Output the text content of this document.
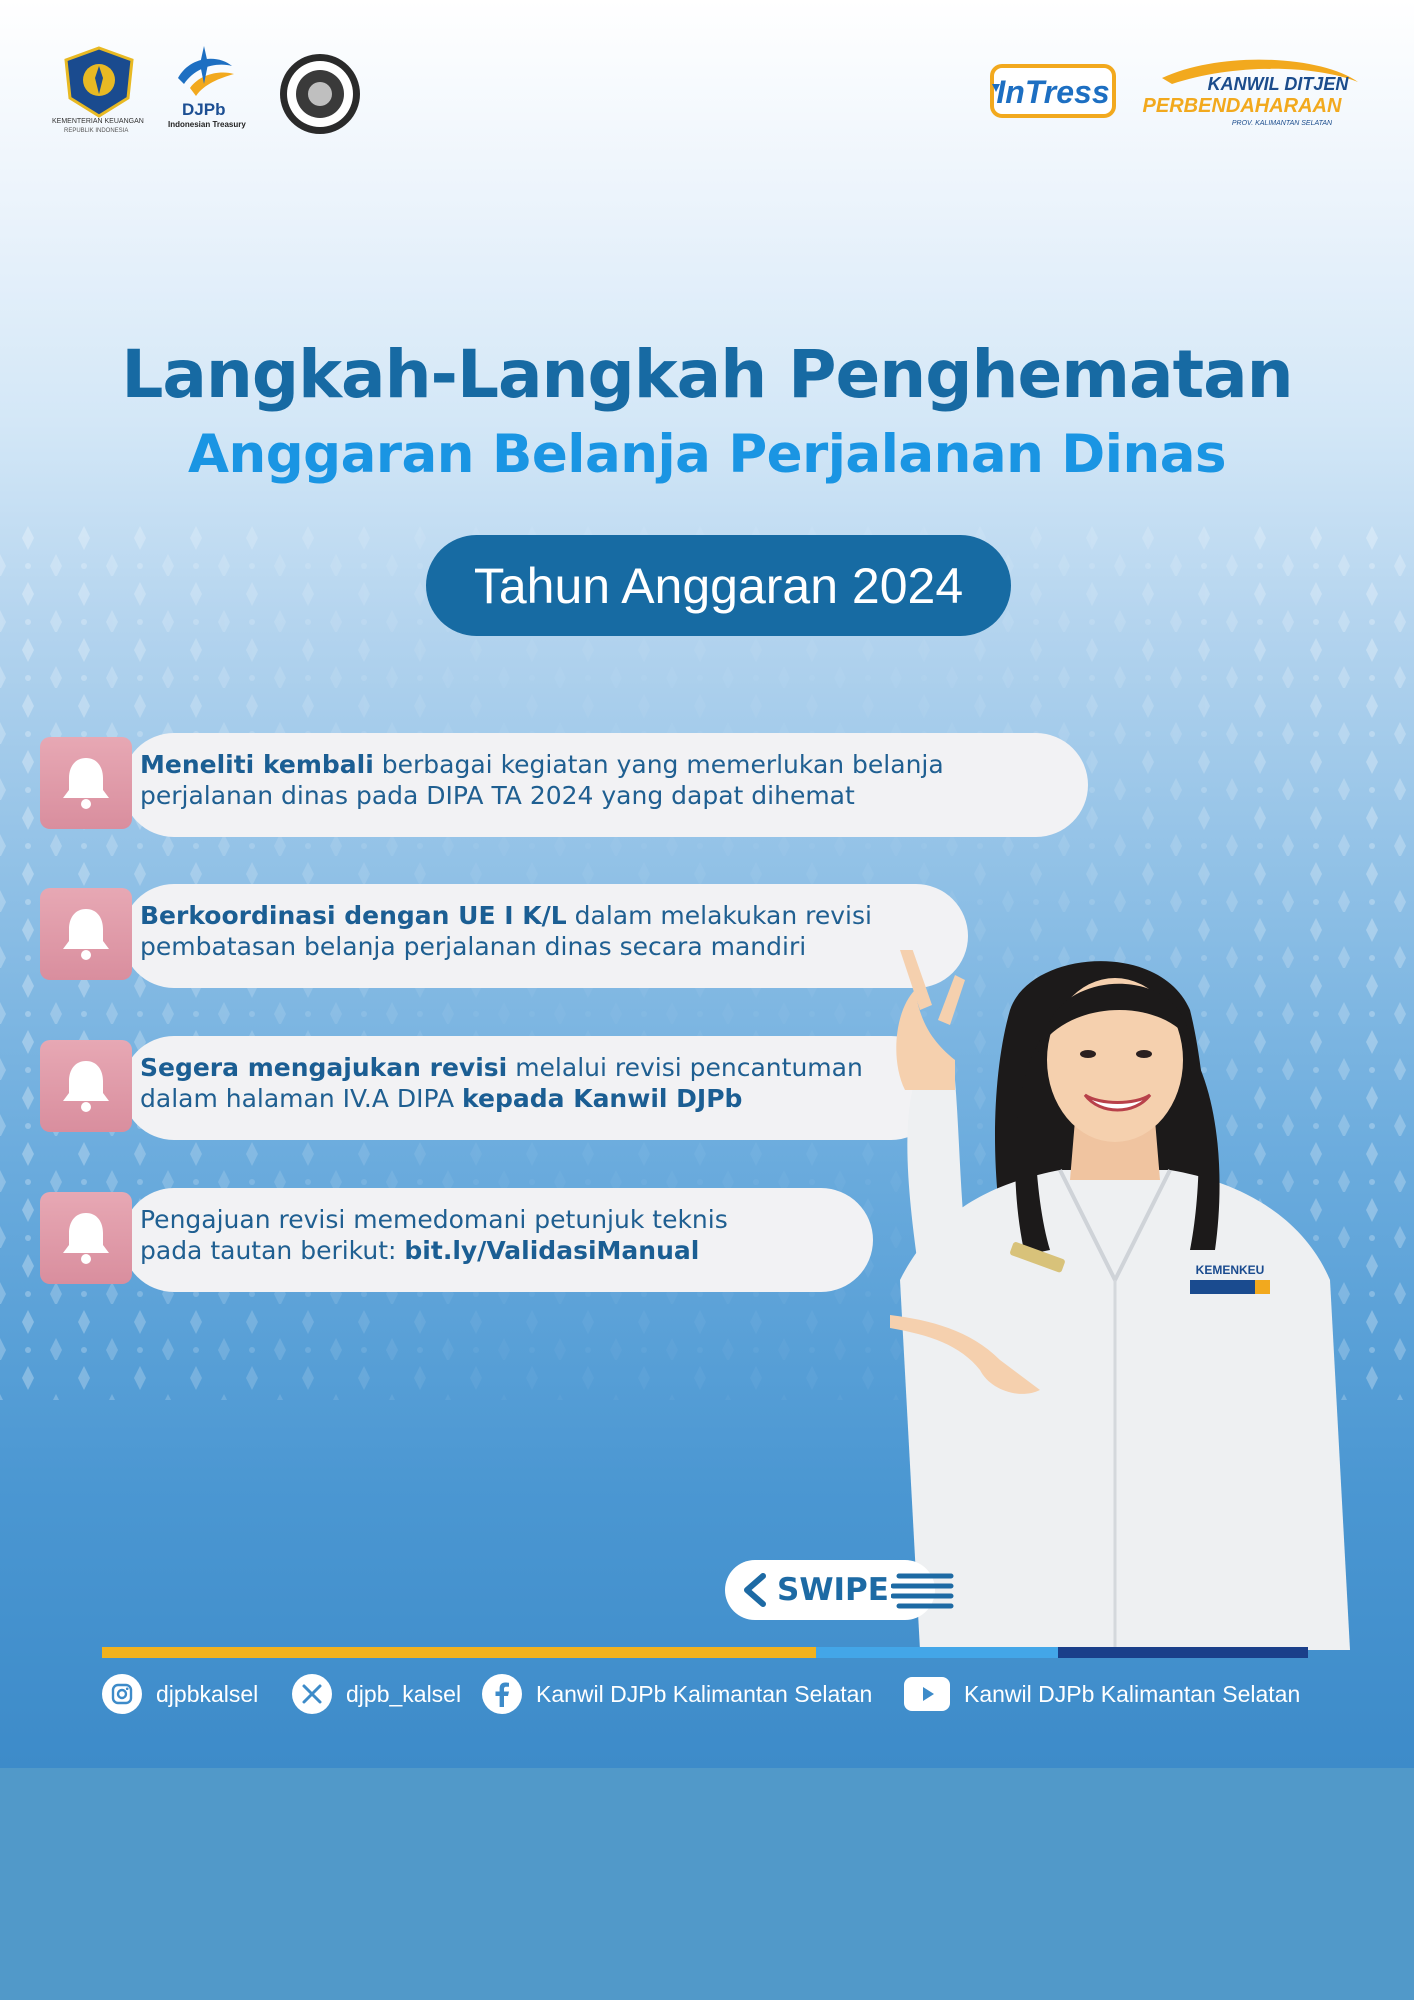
KEMENTERIAN KEUANGAN
REPUBLIK INDONESIA
DJPb
Indonesian Treasury
InTress	KANWIL DITJEN
PERBENDAHARAAN
PROV. KALIMANTAN SELATAN
Langkah-Langkah Penghematan
Anggaran Belanja Perjalanan Dinas
Tahun Anggaran 2024
Meneliti kembali berbagai kegiatan yang memerlukan belanja
perjalanan dinas pada DIPA TA 2024 yang dapat dihemat
Berkoordinasi dengan UE I K/L dalam melakukan revisi
pembatasan belanja perjalanan dinas secara mandiri
Segera mengajukan revisi melalui revisi pencantuman
dalam halaman IV.A DIPA kepada Kanwil DJPb
Pengajuan revisi memedomani petunjuk teknis
pada tautan berikut: bit.ly/ValidasiManual
KEMENKEU
SWIPE
djpbkalsel	djpb_kalsel	Kanwil DJPb Kalimantan Selatan	Kanwil DJPb Kalimantan Selatan
